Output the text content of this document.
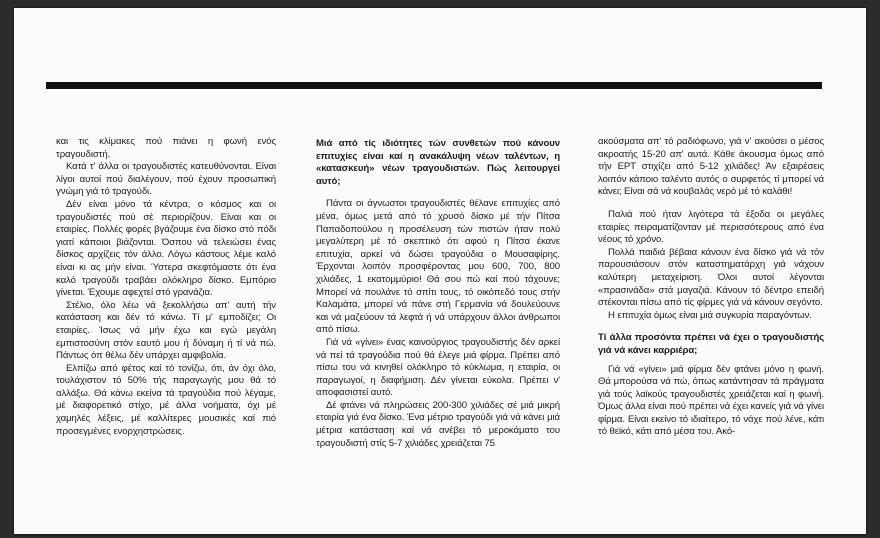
και τις κλίμακες πού πιάνει η φωνή ενός τραγουδιστή.

Κατά τ' άλλα οι τραγουδιστές κατευθύνονται. Είναι λίγοι αυτοί πού διαλέγουν, πού έχουν προσωπική γνώμη γιά τό τραγούδι.

Δέν είναι μόνο τά κέντρα, ο κόσμος και οι τραγουδιστές πού σέ περιορίζουν. Είναι και οι εταιρίες. Πολλές φορές βγάζουμε ένα δίσκο στό πόδι γιατί κάποιοι βιάζονται. Όσπου νά τελειώσει ένας δίσκος αρχίζεις τόν άλλο. Λόγω κάστους λέμε καλό είναι κι ας μήν είναι. Ύστερα σκεφτόμαστε ότι ένα καλό τραγούδι τραβάει ολόκληρο δίσκο. Εμπόριο γίνεται. Έχουμε αφεχτεί στό γρανάζια.

Στέλιο, όλο λέω νά ξεκολλήσω απ' αυτή τήν κατάσταση και δέν τό κάνω. Τί μ' εμποδίζει; Οι εταιρίες. Ίσως νά μήν έχω και εγώ μεγάλη εμπιστοσύνη στόν εαυτό μου ή δύναμη ή τί νά πώ. Πάντως όπ θέλω δέν υπάρχει αμφιβολία.

Ελπίζω από φέτος καί τό τονίζω, ότι, άν όχι όλο, τουλάχιστον τό 50% τής παραγωγής μου θά τό αλλάξω. Θά κάνω εκείνα τά τραγούδια πού λέγαμε, μέ διαφορετικό στίχο, μέ άλλα νοήματα, όχι μέ χαμηλές λέξεις, μέ καλλίτερες μουσικές καί πιό προσεγμένες ενορχηστρώσεις.

Μιά από τίς ιδιότητες τών συνθετών πού κάνουν επιτυχίες είναι καί η ανακάλυψη νέων ταλέντων, η «κατασκευή» νέων τραγουδιστών. Πώς λειτουργεί αυτό;

Πάντα οι άγνωστοι τραγουδιστές θέλανε επιτυχίες από μένα, όμως μετά από τό χρυσό δίσκο μέ τήν Πίτσα Παπαδοπούλου η προσέλευση τών πιστών ήταν πολύ μεγαλύτερη μέ τό σκεπτικό ότι αφού η Πίτσα έκανε επιτυχία, αρκεί νά δώσει τραγούδια ο Μουσαφίρης. Έρχονται λοιπόν προσφέροντας μου 600, 700, 800 χιλιάδες, 1 εκατομμύριο! Θά σου πώ καί πού τάχουνε; Μπορεί νά πουλάνε τό σπίτι τους, τό οικόπεδό τους στήν Καλαμάτα, μπορεί νά πάνε στή Γερμανία νά δουλεύουνε και νά μαζεύουν τά λεφτά ή νά υπάρχουν άλλοι άνθρωποι από πίσω.

Γιά νά «γίνει» ένας καινούργιος τραγουδιστής δέν αρκεί νά πεί τά τραγούδια πού θά έλεγε μιά φίρμα. Πρέπει από πίσω του νά κινηθεί ολόκληρο τό κύκλωμα, η εταιρία, οι παραγωγοί, η διαφήμιση. Δέν γίνεται εύκολα. Πρέπει ν' αποφασιστεί αυτό.

Δέ φτάνει νά πληρώσεις 200-300 χιλιάδες σέ μιά μικρή εταιρία γιά ένα δίσκο. Ένα μέτριο τραγούδι γιά νά κάνει μιά μέτρια κατάσταση καί νά ανέβει τό μεροκάματο του τραγουδιστή στίς 5-7 χιλιάδες χρειάζεται 75

ακούσματα απ' τό ραδιόφωνο, γιά ν' ακούσει ο μέσος ακροατής 15-20 απ' αυτά. Κάθε άκουσμα όμως από τήν ΕΡΤ στιχίζει από 5-12 χιλιάδες! Άν εξαιρέσεις λοιπόν κάποιο ταλέντο αυτός ο συρφετός τί μπορεί νά κάνει; Είναι σά νά κουβαλάς νερό μέ τό καλάθι!

Παλιά πού ήταν λιγότερα τά έξοδα οι μεγάλες εταιρίες πειραματίζονταν μέ περισσότερους από ένα νέους τό χρόνο.

Πολλά παιδιά βέβαια κάνουν ένα δίσκο γιά νά τόν παρουσιάσουν στόν καταστηματάρχη γιά νάχουν καλύτερη μεταχείριση. Όλοι αυτοί λέγονται «πρασινάδα» στά μαγαζιά. Κάνουν τό δέντρο επειδή στέκονται πίσω από τίς φίρμες γιά νά κάνουν σεγόντο.

Η επιτυχία όμως είναι μιά συγκυρία παραγόντων.

Τί άλλα προσόντα πρέπει νά έχει ο τραγουδιστής γιά νά κάνει καρριέρα;

Γιά νά «γίνει» μιά φίρμα δέν φτάνει μόνο η φωνή. Θά μπορούσα νά πώ, όπως κατάντησαν τά πράγματα γιά τούς λαϊκούς τραγουδιστές χρειάζεται καί η φωνή. Όμως άλλα είναι πού πρέπει νά έχει κανείς γιά νά γίνει φίρμα. Είναι εκείνο τό ιδιαίτερο, τό νάχε πού λένε, κάτι τό θεϊκό, κάτι από μέσα του. Ακό-
